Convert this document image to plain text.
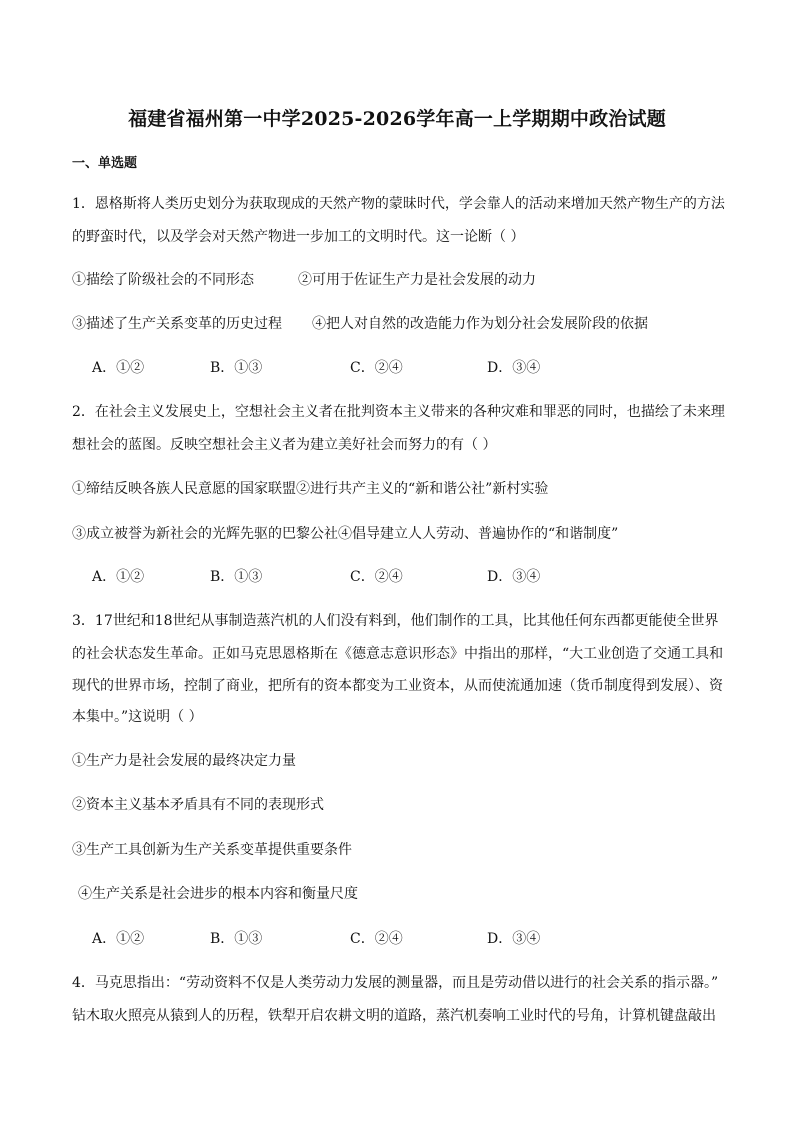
福建省福州第一中学2025-2026学年高一上学期期中政治试题
一、单选题
1．恩格斯将人类历史划分为获取现成的天然产物的蒙昧时代，学会靠人的活动来增加天然产物生产的方法
的野蛮时代，以及学会对天然产物进一步加工的文明时代。这一论断（ ）
①描绘了阶级社会的不同形态	②可用于佐证生产力是社会发展的动力
③描述了生产关系变革的历史过程 ④把人对自然的改造能力作为划分社会发展阶段的依据
A．①②	B．①③	C．②④	D．③④
2．在社会主义发展史上，空想社会主义者在批判资本主义带来的各种灾难和罪恶的同时，也描绘了未来理
想社会的蓝图。反映空想社会主义者为建立美好社会而努力的有（ ）
①缔结反映各族人民意愿的国家联盟②进行共产主义的“新和谐公社”新村实验
③成立被誉为新社会的光辉先驱的巴黎公社④倡导建立人人劳动、普遍协作的“和谐制度”
A．①②	B．①③	C．②④	D．③④
3．17世纪和18世纪从事制造蒸汽机的人们没有料到，他们制作的工具，比其他任何东西都更能使全世界
的社会状态发生革命。正如马克思恩格斯在《德意志意识形态》中指出的那样，“大工业创造了交通工具和
现代的世界市场，控制了商业，把所有的资本都变为工业资本，从而使流通加速（货币制度得到发展）、资
本集中。”这说明（ ）
①生产力是社会发展的最终决定力量
②资本主义基本矛盾具有不同的表现形式
③生产工具创新为生产关系变革提供重要条件
④生产关系是社会进步的根本内容和衡量尺度
A．①②	B．①③	C．②④	D．③④
4．马克思指出：“劳动资料不仅是人类劳动力发展的测量器，而且是劳动借以进行的社会关系的指示器。”
钻木取火照亮从猿到人的历程，铁犁开启农耕文明的道路，蒸汽机奏响工业时代的号角，计算机键盘敲出
